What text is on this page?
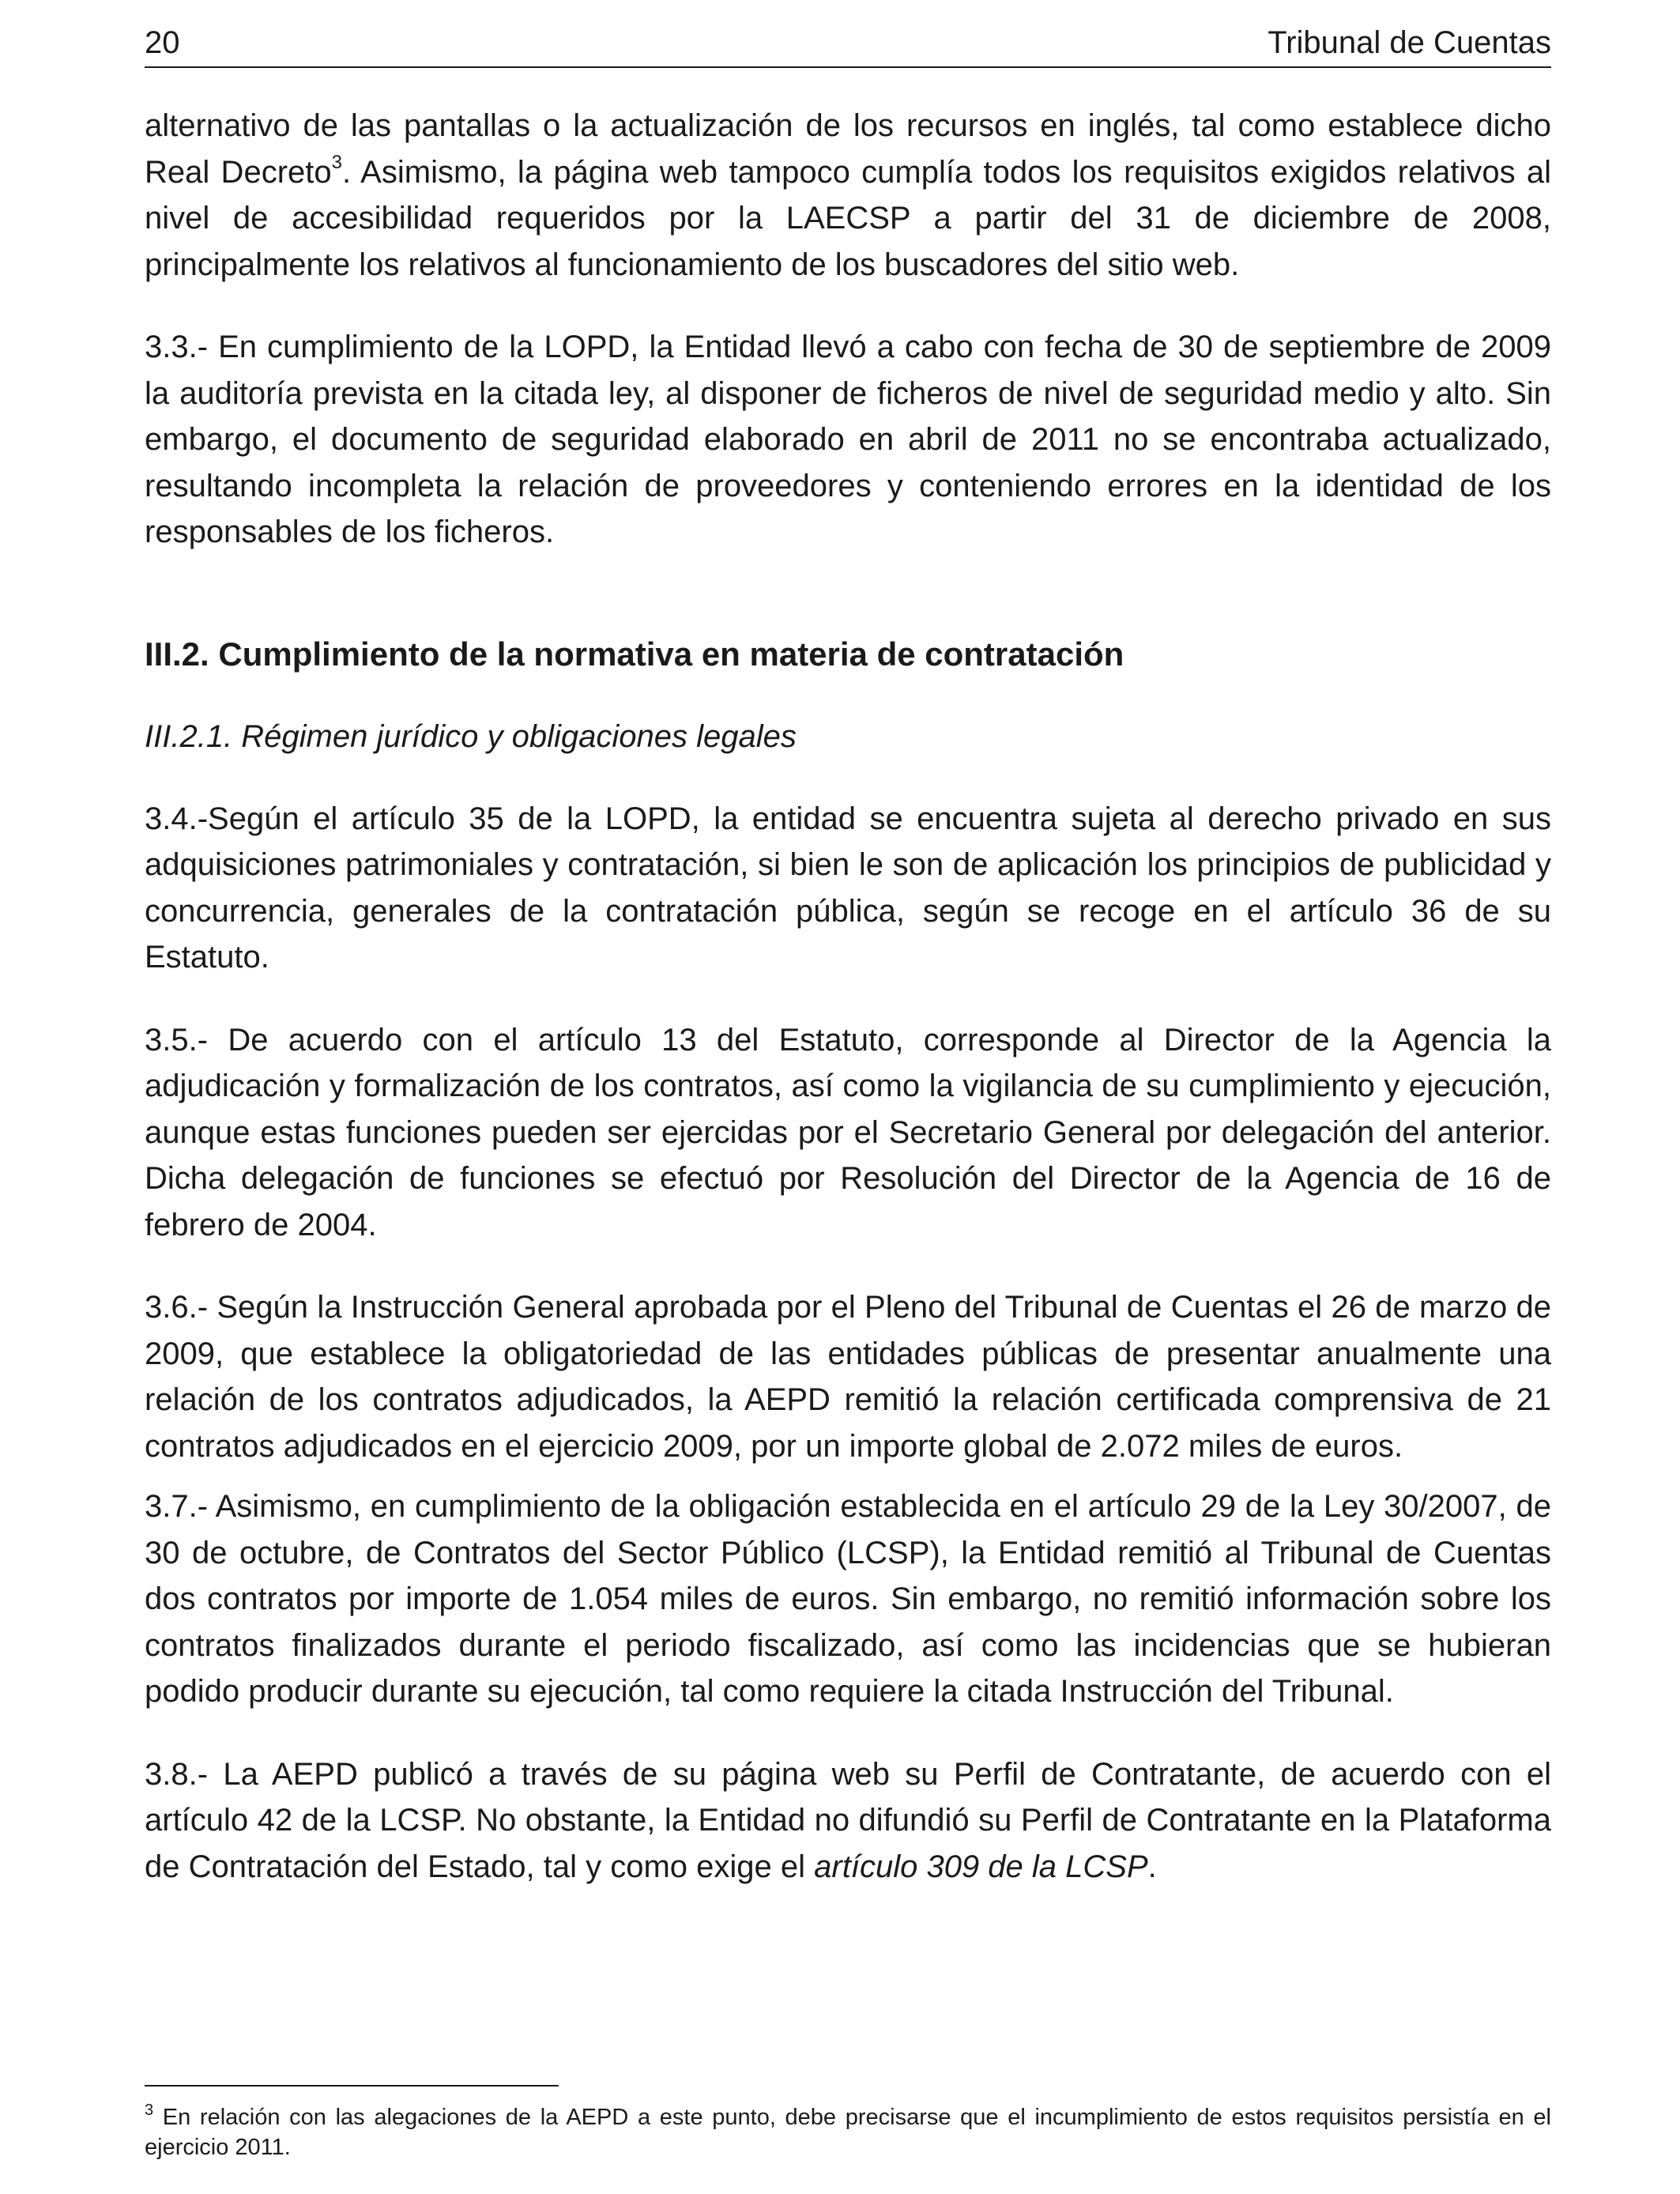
20	Tribunal de Cuentas

alternativo de las pantallas o la actualización de los recursos en inglés, tal como establece dicho Real Decreto$^3$. Asimismo, la página web tampoco cumplía todos los requisitos exigidos relativos al nivel de accesibilidad requeridos por la LAECSP a partir del 31 de diciembre de 2008, principalmente los relativos al funcionamiento de los buscadores del sitio web.

3.3.- En cumplimiento de la LOPD, la Entidad llevó a cabo con fecha de 30 de septiembre de 2009 la auditoría prevista en la citada ley, al disponer de ficheros de nivel de seguridad medio y alto. Sin embargo, el documento de seguridad elaborado en abril de 2011 no se encontraba actualizado, resultando incompleta la relación de proveedores y conteniendo errores en la identidad de los responsables de los ficheros.

III.2. Cumplimiento de la normativa en materia de contratación
III.2.1. Régimen jurídico y obligaciones legales

3.4.-Según el artículo 35 de la LOPD, la entidad se encuentra sujeta al derecho privado en sus adquisiciones patrimoniales y contratación, si bien le son de aplicación los principios de publicidad y concurrencia, generales de la contratación pública, según se recoge en el artículo 36 de su Estatuto.

3.5.- De acuerdo con el artículo 13 del Estatuto, corresponde al Director de la Agencia la adjudicación y formalización de los contratos, así como la vigilancia de su cumplimiento y ejecución, aunque estas funciones pueden ser ejercidas por el Secretario General por delegación del anterior. Dicha delegación de funciones se efectuó por Resolución del Director de la Agencia de 16 de febrero de 2004.

3.6.- Según la Instrucción General aprobada por el Pleno del Tribunal de Cuentas el 26 de marzo de 2009, que establece la obligatoriedad de las entidades públicas de presentar anualmente una relación de los contratos adjudicados, la AEPD remitió la relación certificada comprensiva de 21 contratos adjudicados en el ejercicio 2009, por un importe global de 2.072 miles de euros.

3.7.- Asimismo, en cumplimiento de la obligación establecida en el artículo 29 de la Ley 30/2007, de 30 de octubre, de Contratos del Sector Público (LCSP), la Entidad remitió al Tribunal de Cuentas dos contratos por importe de 1.054 miles de euros. Sin embargo, no remitió información sobre los contratos finalizados durante el periodo fiscalizado, así como las incidencias que se hubieran podido producir durante su ejecución, tal como requiere la citada Instrucción del Tribunal.

3.8.- La AEPD publicó a través de su página web su Perfil de Contratante, de acuerdo con el artículo 42 de la LCSP. No obstante, la Entidad no difundió su Perfil de Contratante en la Plataforma de Contratación del Estado, tal y como exige el artículo 309 de la LCSP.

$^3$ En relación con las alegaciones de la AEPD a este punto, debe precisarse que el incumplimiento de estos requisitos persistía en el ejercicio 2011.
